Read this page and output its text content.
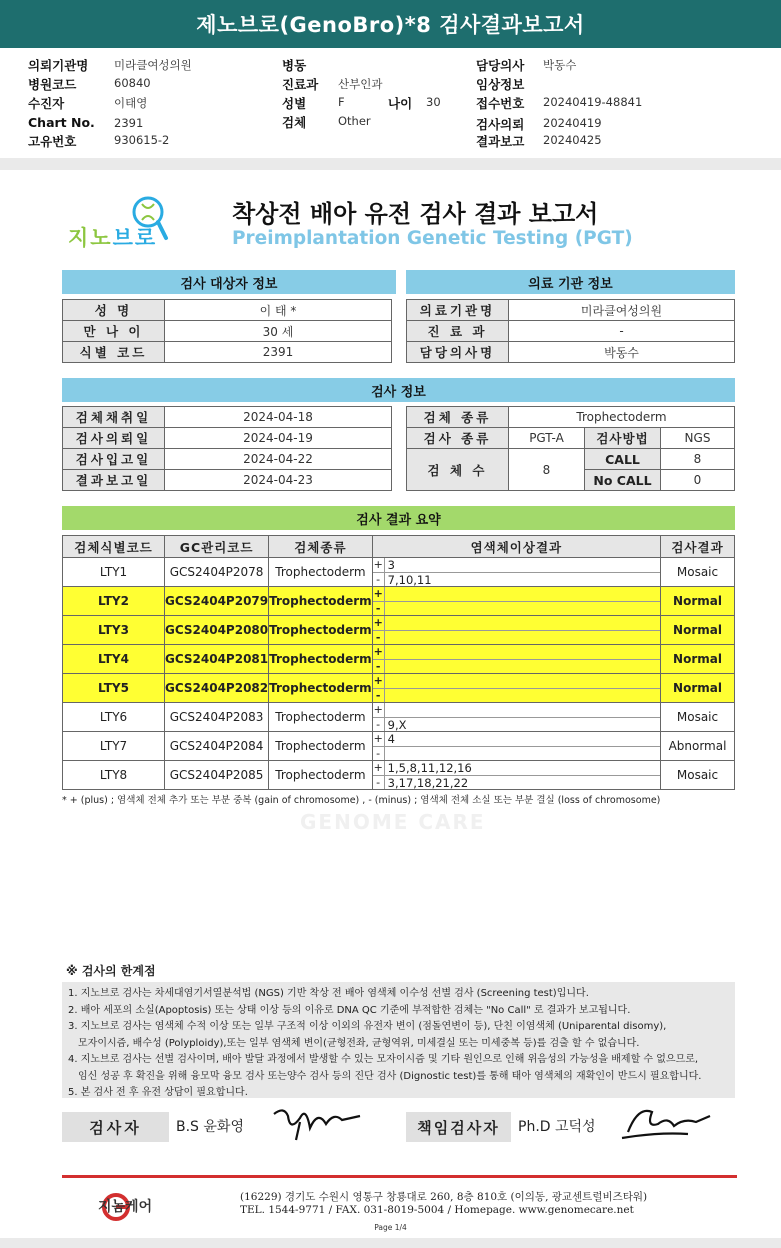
제노브로(GenoBro)*8 검사결과보고서
의뢰기관명 미라클여성의원
병원코드	60840
수진자	이태영
Chart No. 2391
고유번호	930615-2
병동
진료과 산부인과
성별	F	나이 30
검체	Other
담당의사 박동수
임상정보
접수번호 20240419-48841
검사의뢰 20240419
결과보고 20240425
지노브로
착상전 배아 유전 검사 결과 보고서
Preimplantation Genetic Testing (PGT)
검사 대상자 정보	의료 기관 정보
성 명	이 태 *
만 나 이	30 세
식별 코드	2391
의료기관명	미라클여성의원
진 료 과	-
담당의사명	박동수
검사 정보
검체채취일	2024-04-18
검사의뢰일	2024-04-19
검사입고일	2024-04-22
결과보고일	2024-04-23
검체 종류	Trophectoderm		
검사 종류	PGT-A	검사방법	NGS
검 체 수	8	CALL	8
		No CALL	0
검사 결과 요약
검체식별코드	GC관리코드	검체종류	염색체이상결과	검사결과
LTY1	GCS2404P2078	Trophectoderm	+ 3
- 7,10,11	Mosaic
LTY2	GCS2404P2079	Trophectoderm	+
-	Normal
LTY3	GCS2404P2080	Trophectoderm	+
-	Normal
LTY4	GCS2404P2081	Trophectoderm	+
-	Normal
LTY5	GCS2404P2082	Trophectoderm	+
-	Normal
LTY6	GCS2404P2083	Trophectoderm	+
- 9,X	Mosaic
LTY7	GCS2404P2084	Trophectoderm	+ 4
-	Abnormal
LTY8	GCS2404P2085	Trophectoderm	+ 1,5,8,11,12,16
- 3,17,18,21,22	Mosaic
* + (plus) ; 염색체 전체 추가 또는 부분 중복 (gain of chromosome) , - (minus) ; 염색체 전체 소실 또는 부분 결실 (loss of chromosome)
GENOME CARE
※ 검사의 한계점
1. 지노브로 검사는 차세대염기서열분석법 (NGS) 기반 착상 전 배아 염색체 이수성 선별 검사 (Screening test)입니다.
2. 배아 세포의 소실(Apoptosis) 또는 상태 이상 등의 이유로 DNA QC 기준에 부적합한 검체는 "No Call" 로 결과가 보고됩니다.
3. 지노브로 검사는 염색체 수적 이상 또는 일부 구조적 이상 이외의 유전자 변이 (점돌연변이 등), 단친 이염색체 (Uniparental disomy),
모자이시즘, 배수성 (Polyploidy),또는 일부 염색체 변이(균형전좌, 균형역위, 미세결실 또는 미세중복 등)를 검출 할 수 없습니다.
4. 지노브로 검사는 선별 검사이며, 배아 발달 과정에서 발생할 수 있는 모자이시즘 및 기타 원인으로 인해 위음성의 가능성을 배제할 수 없으므로,
임신 성공 후 확진을 위해 융모막 융모 검사 또는양수 검사 등의 진단 검사 (Dignostic test)를 통해 태아 염색체의 재확인이 반드시 필요합니다.
5. 본 검사 전 후 유전 상담이 필요합니다.
검사자	B.S 윤화영	책임검사자	Ph.D 고덕성
지놈케어
(16229) 경기도 수원시 영통구 창룡대로 260, 8층 810호 (이의동, 광교센트럴비즈타워)
TEL. 1544-9771 / FAX. 031-8019-5004 / Homepage. www.genomecare.net
Page 1/4
